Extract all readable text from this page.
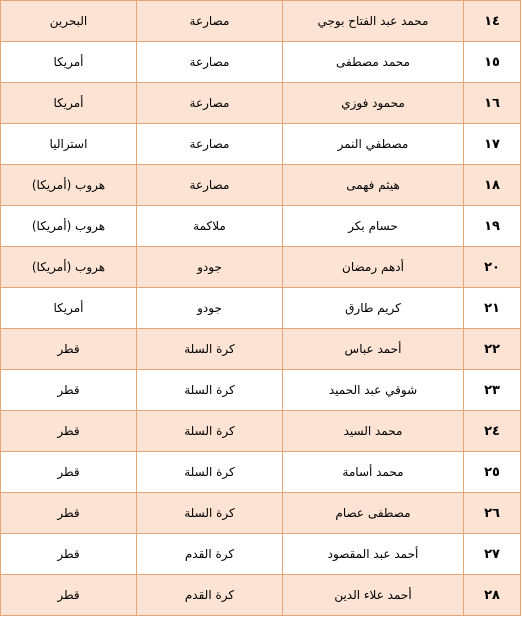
١٤	محمد عبد الفتاح بوجي	مصارعة	البحرين
١٥	محمد مصطفى	مصارعة	أمريكا
١٦	محمود فوزي	مصارعة	أمريكا
١٧	مصطفي النمر	مصارعة	استراليا
١٨	هيثم فهمى	مصارعة	هروب (أمريكا)
١٩	حسام بكر	ملاكمة	هروب (أمريكا)
٢٠	أدهم رمضان	جودو	هروب (أمريكا)
٢١	كريم طارق	جودو	أمريكا
٢٢	أحمد عباس	كرة السلة	قطر
٢٣	شوقي عبد الحميد	كرة السلة	قطر
٢٤	محمد السيد	كرة السلة	قطر
٢٥	محمد أسامة	كرة السلة	قطر
٢٦	مصطفى عصام	كرة السلة	قطر
٢٧	أحمد عبد المقصود	كرة القدم	قطر
٢٨	أحمد علاء الدين	كرة القدم	قطر
